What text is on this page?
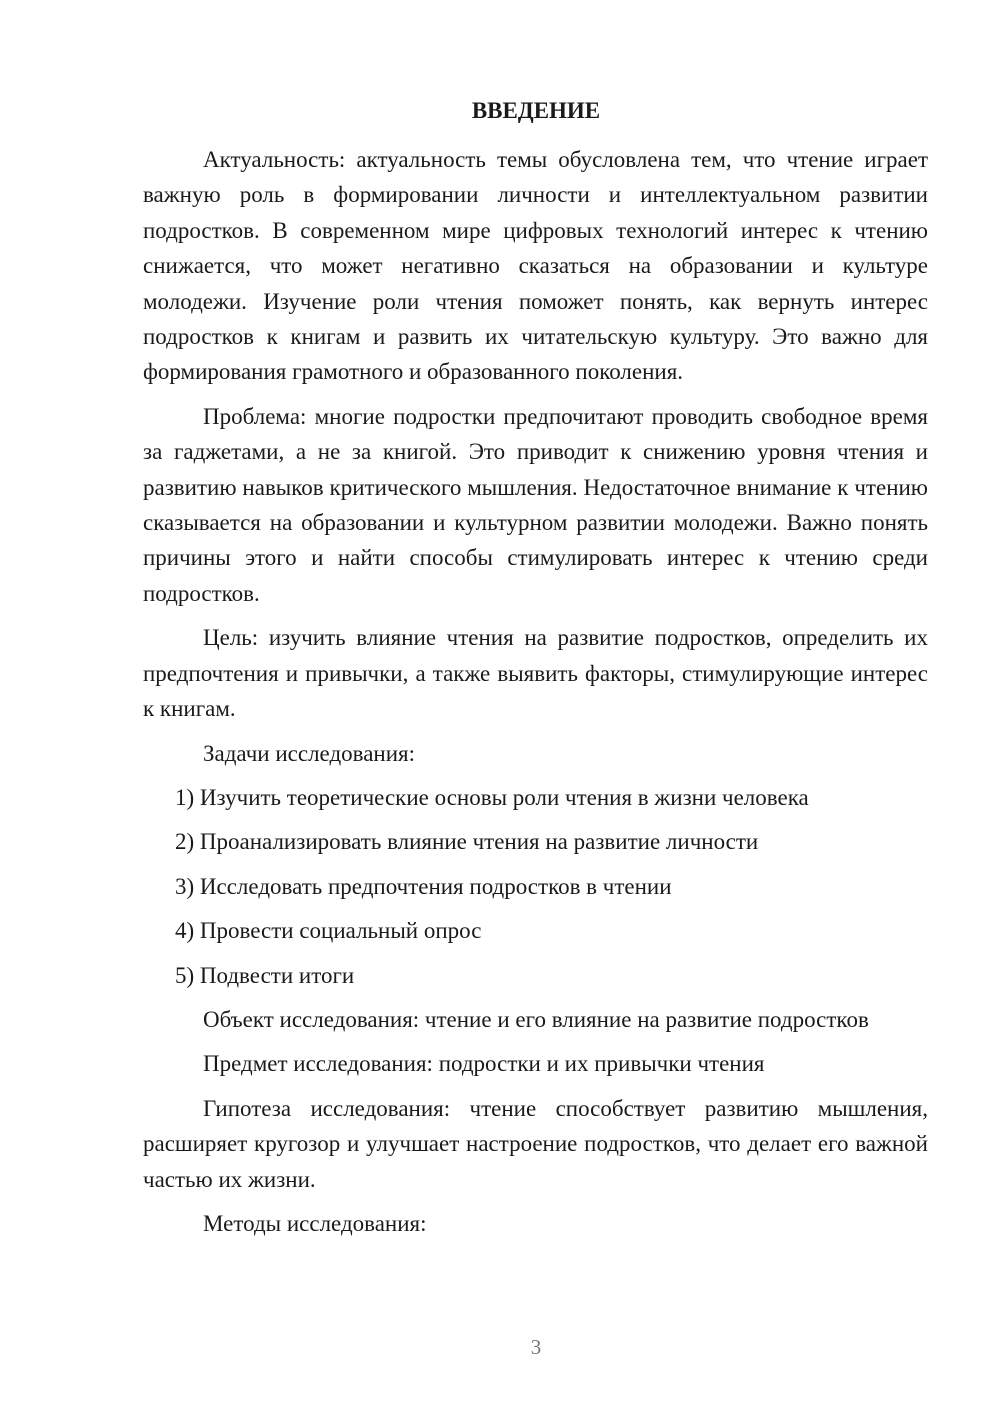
ВВЕДЕНИЕ

Актуальность: актуальность темы обусловлена тем, что чтение играет важную роль в формировании личности и интеллектуальном развитии подростков. В современном мире цифровых технологий интерес к чтению снижается, что может негативно сказаться на образовании и культуре молодежи. Изучение роли чтения поможет понять, как вернуть интерес подростков к книгам и развить их читательскую культуру. Это важно для формирования грамотного и образованного поколения.

Проблема: многие подростки предпочитают проводить свободное время за гаджетами, а не за книгой. Это приводит к снижению уровня чтения и развитию навыков критического мышления. Недостаточное внимание к чтению сказывается на образовании и культурном развитии молодежи. Важно понять причины этого и найти способы стимулировать интерес к чтению среди подростков.

Цель: изучить влияние чтения на развитие подростков, определить их предпочтения и привычки, а также выявить факторы, стимулирующие интерес к книгам.

Задачи исследования:

1) Изучить теоретические основы роли чтения в жизни человека

2) Проанализировать влияние чтения на развитие личности

3) Исследовать предпочтения подростков в чтении

4) Провести социальный опрос

5) Подвести итоги

Объект исследования: чтение и его влияние на развитие подростков

Предмет исследования: подростки и их привычки чтения

Гипотеза исследования: чтение способствует развитию мышления, расширяет кругозор и улучшает настроение подростков, что делает его важной частью их жизни.

Методы исследования:

3
